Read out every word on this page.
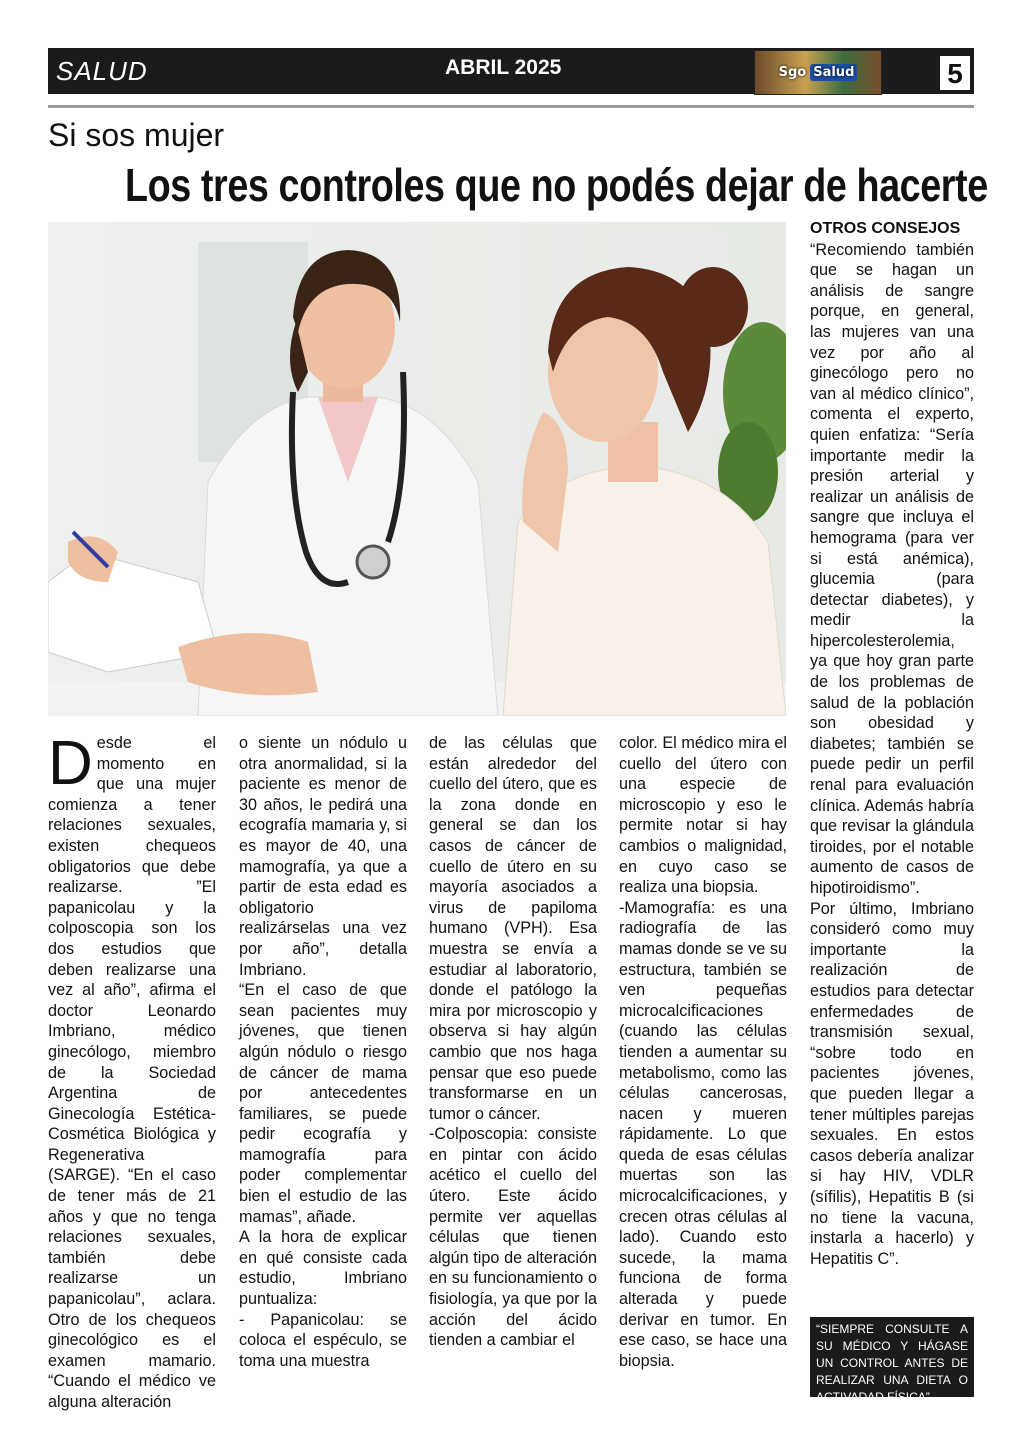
SALUD	ABRIL 2025	Sgo Salud	5
Si sos mujer
Los tres controles que no podés dejar de hacerte

Desde el momento en que una mujer comienza a tener relaciones sexuales, existen chequeos obligatorios que debe realizarse. ”El papanicolau y la colposcopia son los dos estudios que deben realizarse una vez al año”, afirma el doctor Leonardo Imbriano, médico ginecólogo, miembro de la Sociedad Argentina de Ginecología Estética-Cosmética Biológica y Regenerativa (SARGE). “En el caso de tener más de 21 años y que no tenga relaciones sexuales, también debe realizarse un papanicolau”, aclara. Otro de los chequeos ginecológico es el examen mamario. “Cuando el médico ve alguna alteración

o siente un nódulo u otra anormalidad, si la paciente es menor de 30 años, le pedirá una ecografía mamaria y, si es mayor de 40, una mamografía, ya que a partir de esta edad es obligatorio realizárselas una vez por año”, detalla Imbriano.

“En el caso de que sean pacientes muy jóvenes, que tienen algún nódulo o riesgo de cáncer de mama por antecedentes familiares, se puede pedir ecografía y mamografía para poder complementar bien el estudio de las mamas”, añade.

A la hora de explicar en qué consiste cada estudio, Imbriano puntualiza:

- Papanicolau: se coloca el espéculo, se toma una muestra

de las células que están alrededor del cuello del útero, que es la zona donde en general se dan los casos de cáncer de cuello de útero en su mayoría asociados a virus de papiloma humano (VPH). Esa muestra se envía a estudiar al laboratorio, donde el patólogo la mira por microscopio y observa si hay algún cambio que nos haga pensar que eso puede transformarse en un tumor o cáncer.

-Colposcopia: consiste en pintar con ácido acético el cuello del útero. Este ácido permite ver aquellas células que tienen algún tipo de alteración en su funcionamiento o fisiología, ya que por la acción del ácido tienden a cambiar el

color. El médico mira el cuello del útero con una especie de microscopio y eso le permite notar si hay cambios o malignidad, en cuyo caso se realiza una biopsia.

-Mamografía: es una radiografía de las mamas donde se ve su estructura, también se ven pequeñas microcalcificaciones (cuando las células tienden a aumentar su metabolismo, como las células cancerosas, nacen y mueren rápidamente. Lo que queda de esas células muertas son las microcalcificaciones, y crecen otras células al lado). Cuando esto sucede, la mama funciona de forma alterada y puede derivar en tumor. En ese caso, se hace una biopsia.

OTROS CONSEJOS

“Recomiendo también que se hagan un análisis de sangre porque, en general, las mujeres van una vez por año al ginecólogo pero no van al médico clínico”, comenta el experto, quien enfatiza: “Sería importante medir la presión arterial y realizar un análisis de sangre que incluya el hemograma (para ver si está anémica), glucemia (para detectar diabetes), y medir la hipercolesterolemia, ya que hoy gran parte de los problemas de salud de la población son obesidad y diabetes; también se puede pedir un perfil renal para evaluación clínica. Además habría que revisar la glándula tiroides, por el notable aumento de casos de hipotiroidismo”.

Por último, Imbriano consideró como muy importante la realización de estudios para detectar enfermedades de transmisión sexual, “sobre todo en pacientes jóvenes, que pueden llegar a tener múltiples parejas sexuales. En estos casos debería analizar si hay HIV, VDLR (sífilis), Hepatitis B (si no tiene la vacuna, instarla a hacerlo) y Hepatitis C”.

“SIEMPRE CONSULTE A SU MÉDICO Y HÁGASE UN CONTROL ANTES DE REALIZAR UNA DIETA O ACTIVADAD FÍSICA”
